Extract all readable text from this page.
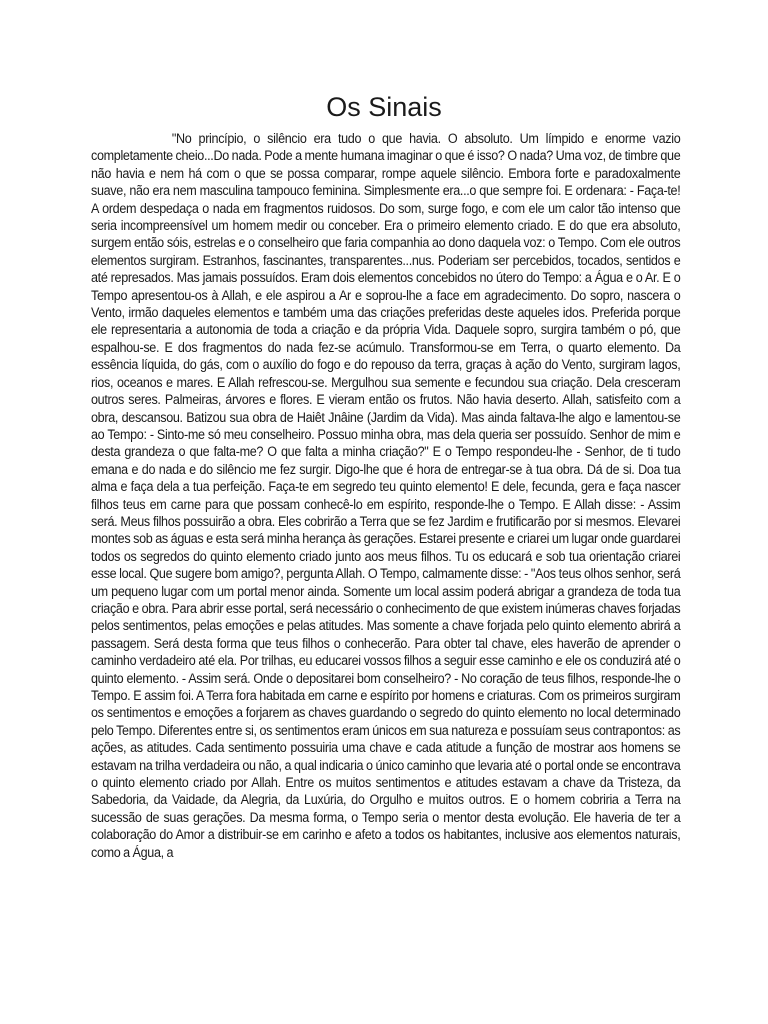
Os Sinais

"No princípio, o silêncio era tudo o que havia. O absoluto. Um límpido e enorme vazio completamente cheio...Do nada. Pode a mente humana imaginar o que é isso? O nada? Uma voz, de timbre que não havia e nem há com o que se possa comparar, rompe aquele silêncio. Embora forte e paradoxalmente suave, não era nem masculina tampouco feminina. Simplesmente era...o que sempre foi. E ordenara: - Faça-te! A ordem despedaça o nada em fragmentos ruidosos. Do som, surge fogo, e com ele um calor tão intenso que seria incompreensível um homem medir ou conceber. Era o primeiro elemento criado. E do que era absoluto, surgem então sóis, estrelas e o conselheiro que faria companhia ao dono daquela voz: o Tempo. Com ele outros elementos surgiram. Estranhos, fascinantes, transparentes...nus. Poderiam ser percebidos, tocados, sentidos e até represados. Mas jamais possuídos. Eram dois elementos concebidos no útero do Tempo: a Água e o Ar. E o Tempo apresentou-os à Allah, e ele aspirou a Ar e soprou-lhe a face em agradecimento. Do sopro, nascera o Vento, irmão daqueles elementos e também uma das criações preferidas deste aqueles idos. Preferida porque ele representaria a autonomia de toda a criação e da própria Vida. Daquele sopro, surgira também o pó, que espalhou-se. E dos fragmentos do nada fez-se acúmulo. Transformou-se em Terra, o quarto elemento. Da essência líquida, do gás, com o auxílio do fogo e do repouso da terra, graças à ação do Vento, surgiram lagos, rios, oceanos e mares. E Allah refrescou-se. Mergulhou sua semente e fecundou sua criação. Dela cresceram outros seres. Palmeiras, árvores e flores. E vieram então os frutos. Não havia deserto. Allah, satisfeito com a obra, descansou. Batizou sua obra de Haiêt Jnâine (Jardim da Vida). Mas ainda faltava-lhe algo e lamentou-se ao Tempo: - Sinto-me só meu conselheiro. Possuo minha obra, mas dela queria ser possuído. Senhor de mim e desta grandeza o que falta-me? O que falta a minha criação?" E o Tempo respondeu-lhe - Senhor, de ti tudo emana e do nada e do silêncio me fez surgir. Digo-lhe que é hora de entregar-se à tua obra. Dá de si. Doa tua alma e faça dela a tua perfeição. Faça-te em segredo teu quinto elemento! E dele, fecunda, gera e faça nascer filhos teus em carne para que possam conhecê-lo em espírito, responde-lhe o Tempo. E Allah disse: - Assim será. Meus filhos possuirão a obra. Eles cobrirão a Terra que se fez Jardim e frutificarão por si mesmos. Elevarei montes sob as águas e esta será minha herança às gerações. Estarei presente e criarei um lugar onde guardarei todos os segredos do quinto elemento criado junto aos meus filhos. Tu os educará e sob tua orientação criarei esse local. Que sugere bom amigo?, pergunta Allah. O Tempo, calmamente disse: - "Aos teus olhos senhor, será um pequeno lugar com um portal menor ainda. Somente um local assim poderá abrigar a grandeza de toda tua criação e obra. Para abrir esse portal, será necessário o conhecimento de que existem inúmeras chaves forjadas pelos sentimentos, pelas emoções e pelas atitudes. Mas somente a chave forjada pelo quinto elemento abrirá a passagem. Será desta forma que teus filhos o conhecerão. Para obter tal chave, eles haverão de aprender o caminho verdadeiro até ela. Por trilhas, eu educarei vossos filhos a seguir esse caminho e ele os conduzirá até o quinto elemento. - Assim será. Onde o depositarei bom conselheiro? - No coração de teus filhos, responde-lhe o Tempo. E assim foi. A Terra fora habitada em carne e espírito por homens e criaturas. Com os primeiros surgiram os sentimentos e emoções a forjarem as chaves guardando o segredo do quinto elemento no local determinado pelo Tempo. Diferentes entre si, os sentimentos eram únicos em sua natureza e possuíam seus contrapontos: as ações, as atitudes. Cada sentimento possuiria uma chave e cada atitude a função de mostrar aos homens se estavam na trilha verdadeira ou não, a qual indicaria o único caminho que levaria até o portal onde se encontrava o quinto elemento criado por Allah. Entre os muitos sentimentos e atitudes estavam a chave da Tristeza, da Sabedoria, da Vaidade, da Alegria, da Luxúria, do Orgulho e muitos outros. E o homem cobriria a Terra na sucessão de suas gerações. Da mesma forma, o Tempo seria o mentor desta evolução. Ele haveria de ter a colaboração do Amor a distribuir-se em carinho e afeto a todos os habitantes, inclusive aos elementos naturais, como a Água, a
